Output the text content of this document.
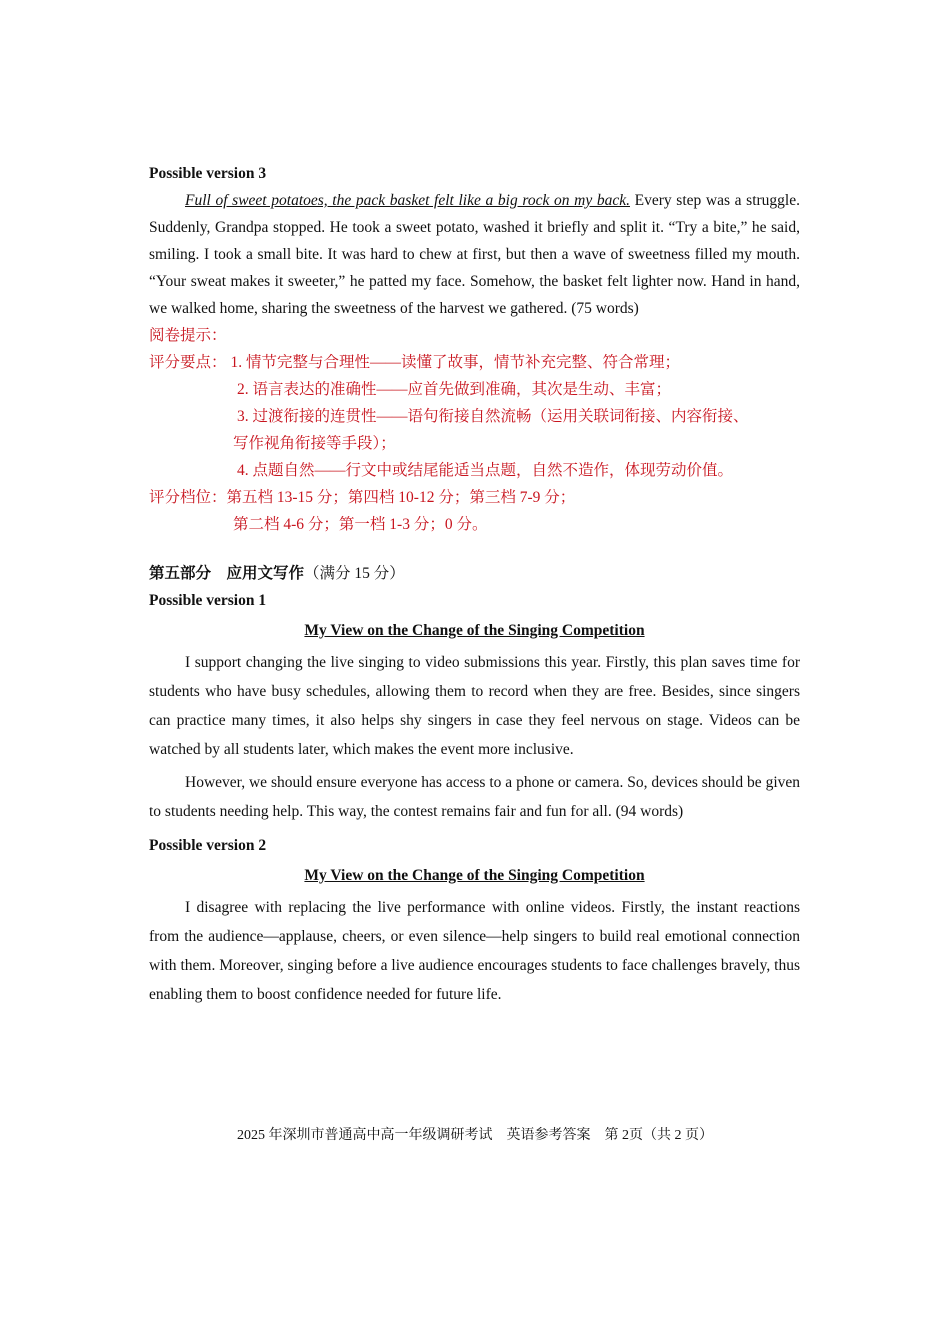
Possible version 3

Full of sweet potatoes, the pack basket felt like a big rock on my back. Every step was a struggle. Suddenly, Grandpa stopped. He took a sweet potato, washed it briefly and split it. “Try a bite,” he said, smiling. I took a small bite. It was hard to chew at first, but then a wave of sweetness filled my mouth. “Your sweat makes it sweeter,” he patted my face. Somehow, the basket felt lighter now. Hand in hand, we walked home, sharing the sweetness of the harvest we gathered. (75 words)

阅卷提示：
评分要点： 1. 情节完整与合理性——读懂了故事，情节补充完整、符合常理；
2. 语言表达的准确性——应首先做到准确，其次是生动、丰富；
3. 过渡衔接的连贯性——语句衔接自然流畅（运用关联词衔接、内容衔接、
写作视角衔接等手段）；
4. 点题自然——行文中或结尾能适当点题，自然不造作，体现劳动价值。
评分档位： 第五档 13-15 分；第四档 10-12 分；第三档 7-9 分；
第二档 4-6 分；第一档 1-3 分；0 分。
第五部分　应用文写作（满分 15 分）
Possible version 1
My View on the Change of the Singing Competition

I support changing the live singing to video submissions this year. Firstly, this plan saves time for students who have busy schedules, allowing them to record when they are free. Besides, since singers can practice many times, it also helps shy singers in case they feel nervous on stage. Videos can be watched by all students later, which makes the event more inclusive.

However, we should ensure everyone has access to a phone or camera. So, devices should be given to students needing help. This way, the contest remains fair and fun for all. (94 words)

Possible version 2
My View on the Change of the Singing Competition

I disagree with replacing the live performance with online videos. Firstly, the instant reactions from the audience—applause, cheers, or even silence—help singers to build real emotional connection with them. Moreover, singing before a live audience encourages students to face challenges bravely, thus enabling them to boost confidence needed for future life.

2025 年深圳市普通高中高一年级调研考试　英语参考答案　第 2页（共 2 页）
